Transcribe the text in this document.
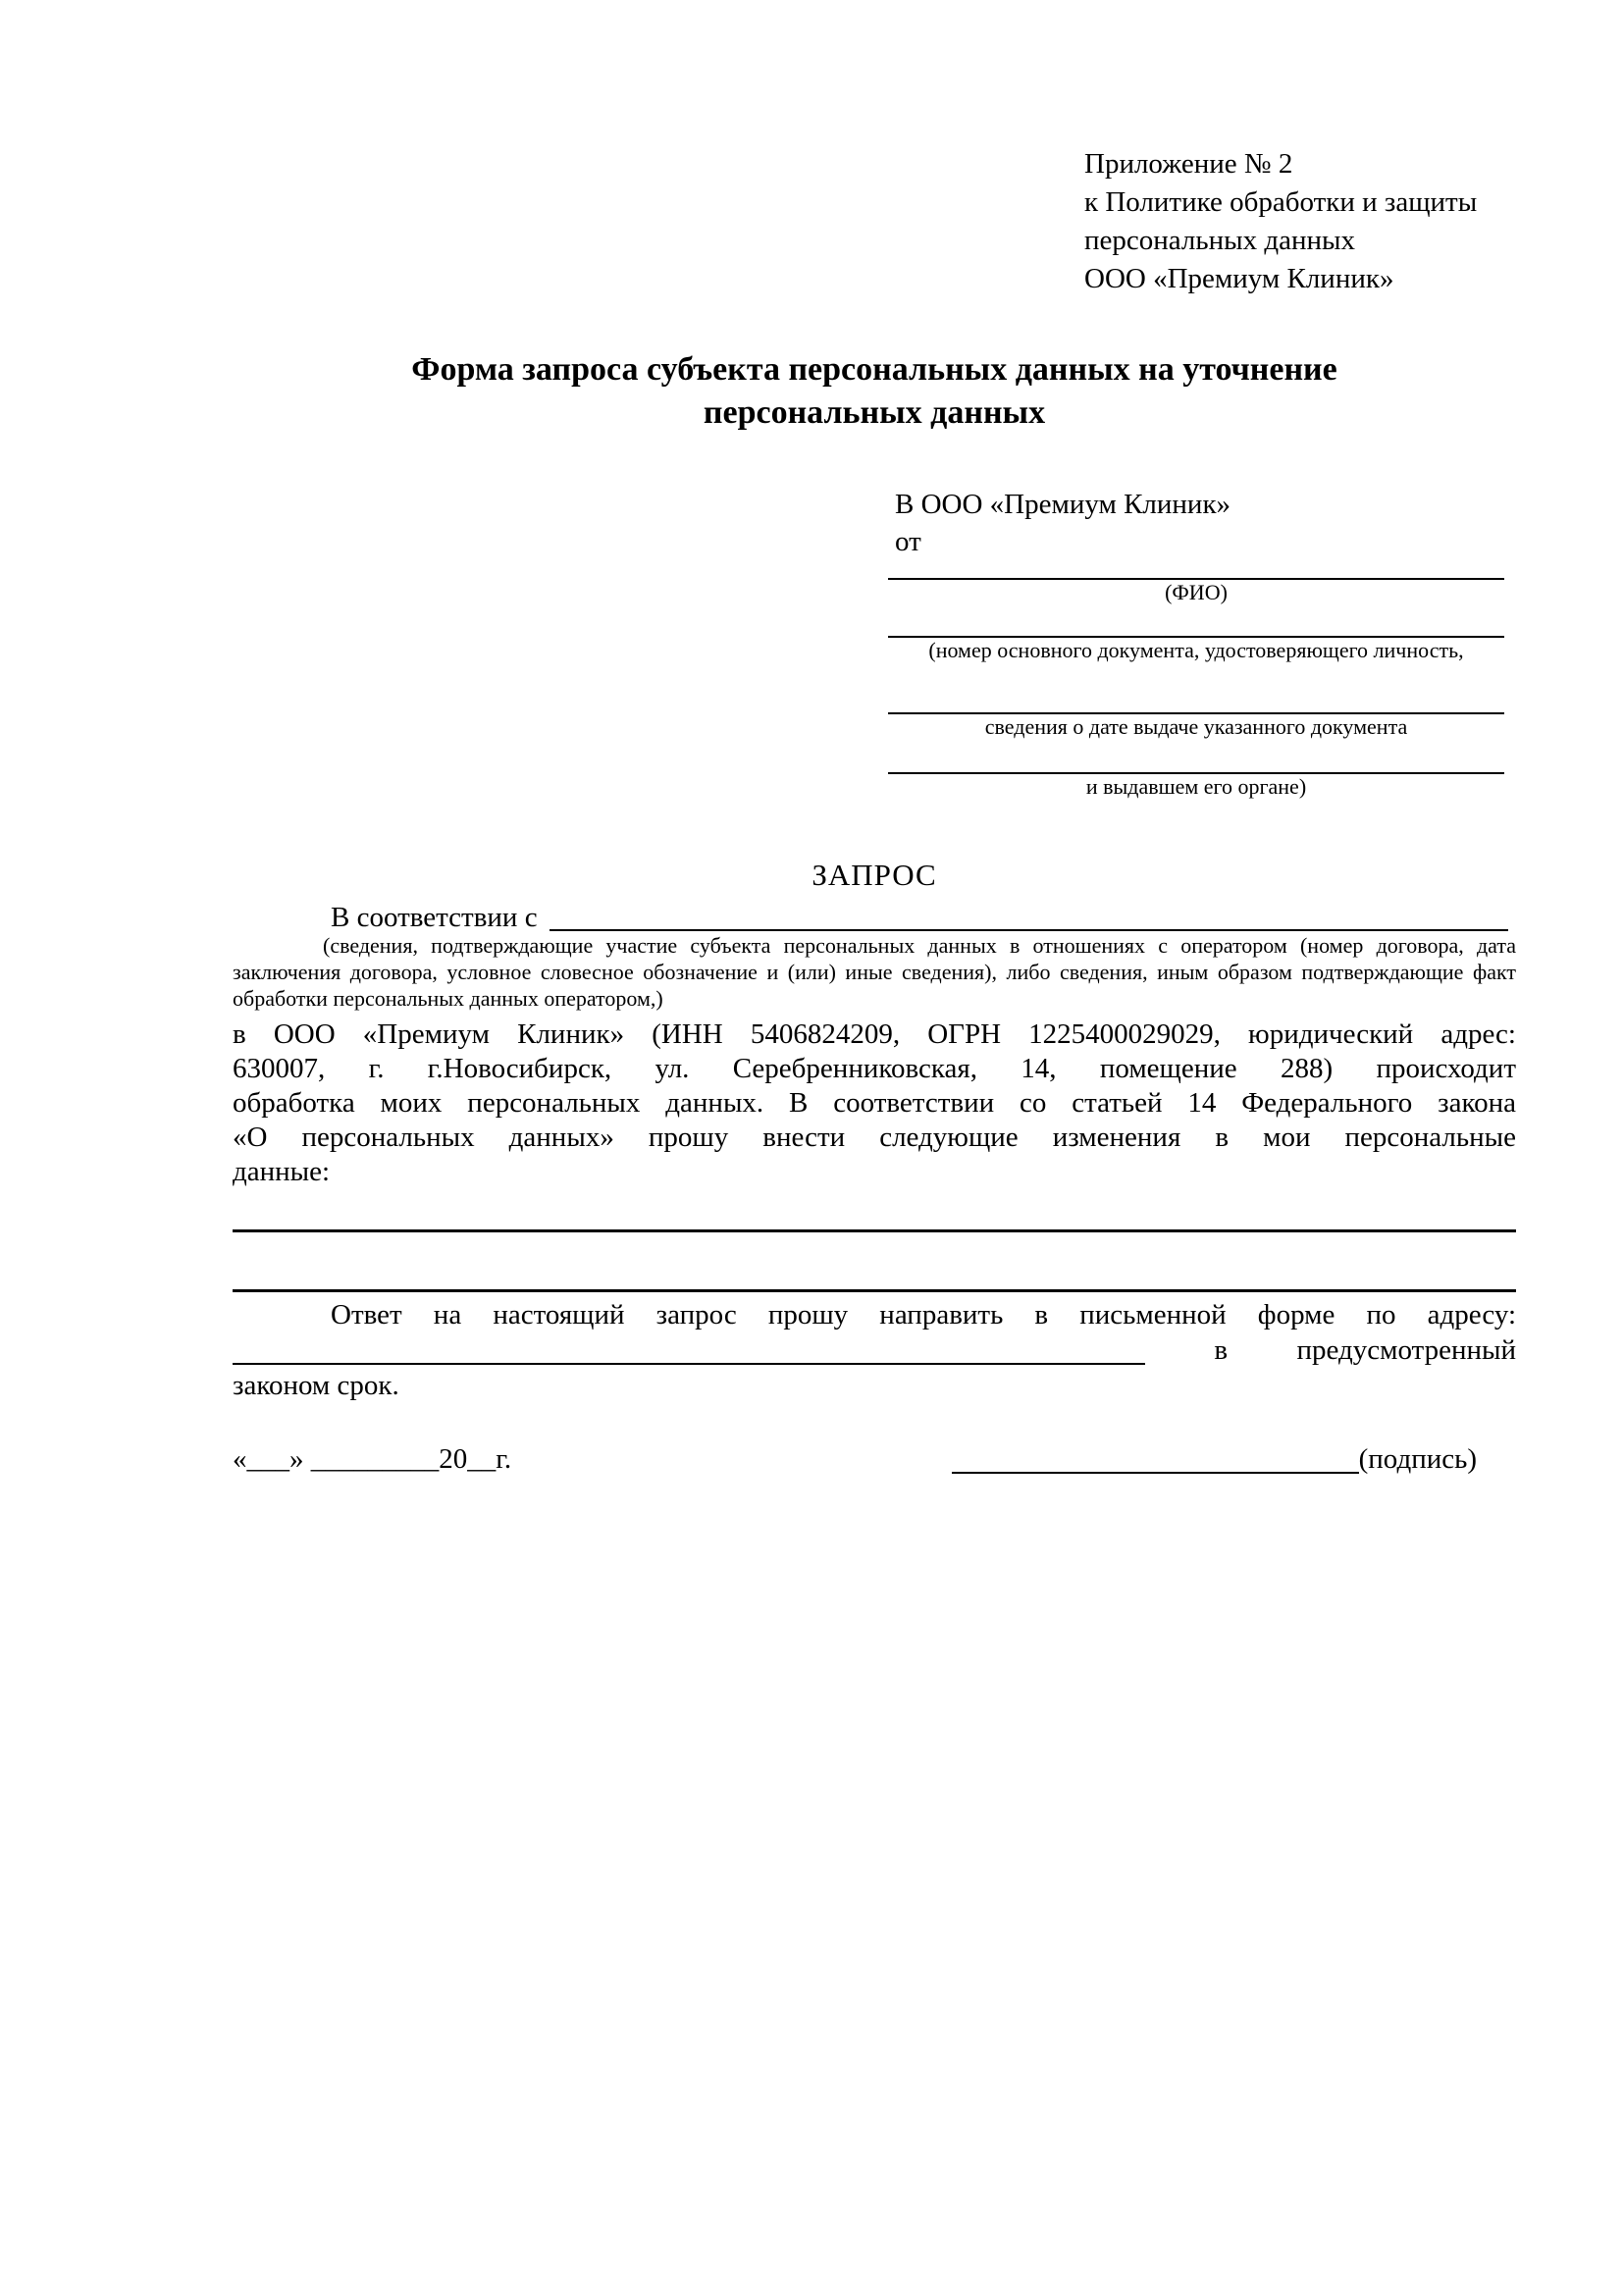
Приложение № 2
к Политике обработки и защиты
персональных данных
ООО «Премиум Клиник»
Форма запроса субъекта персональных данных на уточнение
персональных данных
В ООО «Премиум Клиник»
от
(ФИО)
(номер основного документа, удостоверяющего личность,
сведения о дате выдаче указанного документа
и выдавшем его органе)
ЗАПРОС
В соответствии с
(сведения, подтверждающие участие субъекта персональных данных в отношениях с оператором (номер договора, дата
заключения договора, условное словесное обозначение и (или) иные сведения), либо сведения, иным образом подтверждающие факт
обработки персональных данных оператором,)
в ООО «Премиум Клиник» (ИНН 5406824209, ОГРН 1225400029029, юридический адрес:
630007, г. г.Новосибирск, ул. Серебренниковская, 14, помещение 288) происходит
обработка моих персональных данных. В соответствии со статьей 14 Федерального закона
«О персональных данных» прошу внести следующие изменения в мои персональные
данные:
Ответ на настоящий запрос прошу направить в письменной форме по адресу:
в предусмотренный
законом срок.
«___» _________20__г.	(подпись)
